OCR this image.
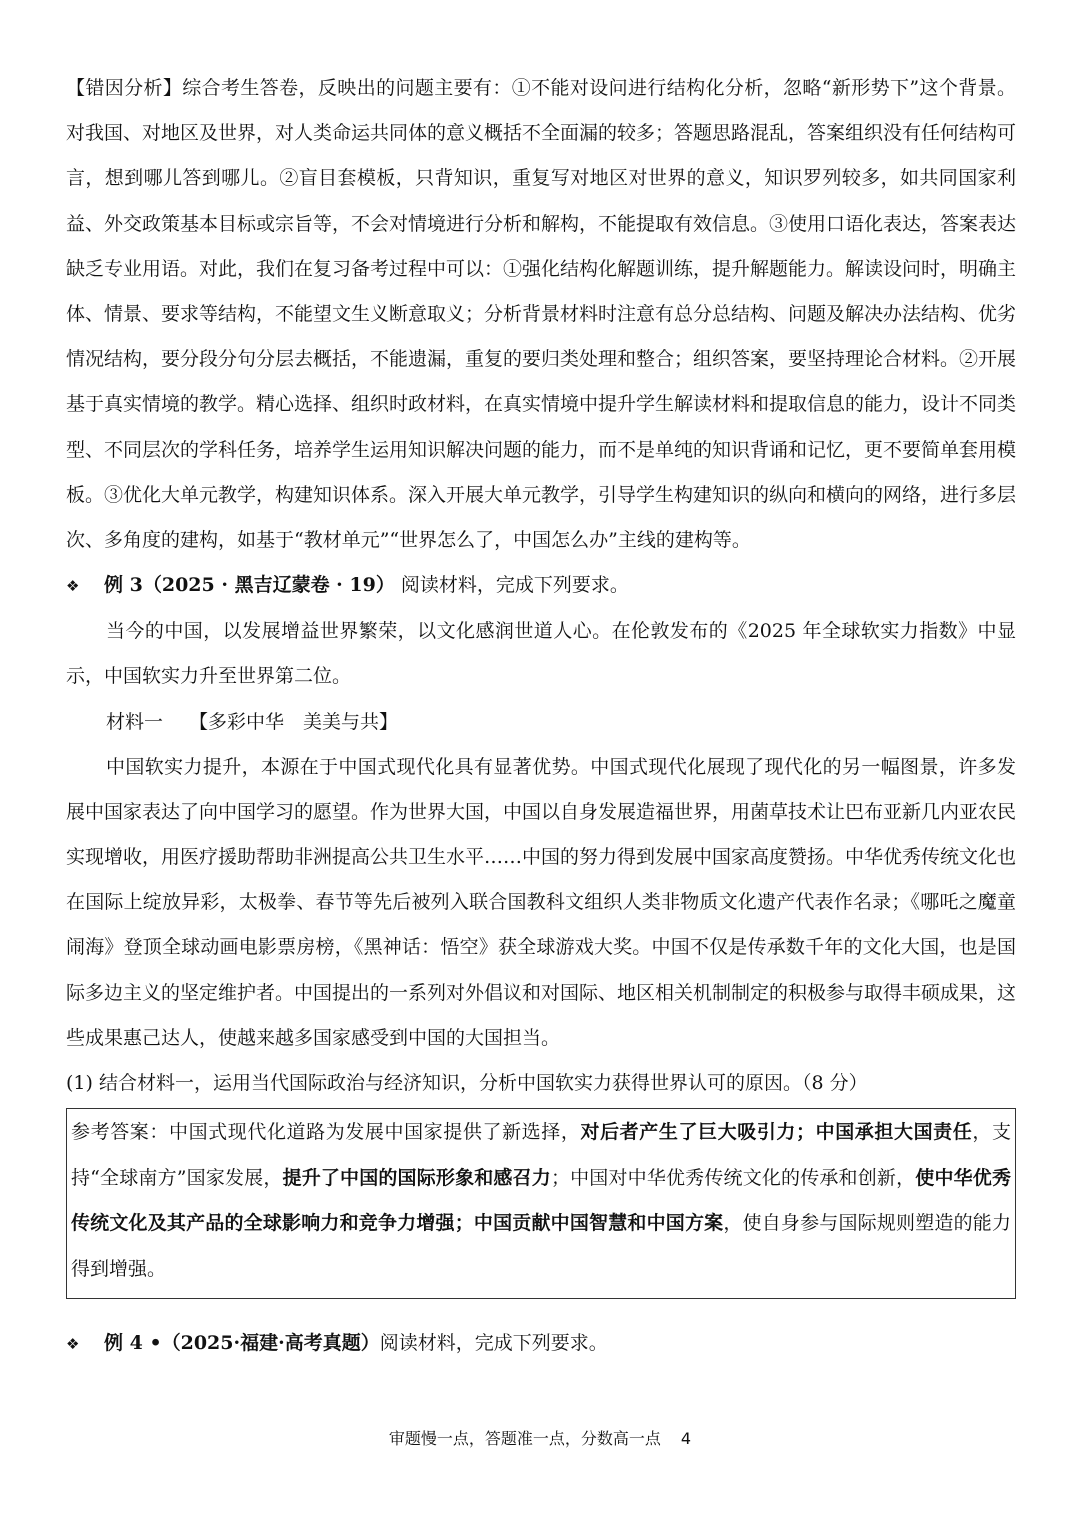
【错因分析】综合考生答卷，反映出的问题主要有：①不能对设问进行结构化分析，忽略“新形势下”这个背景。对我国、对地区及世界，对人类命运共同体的意义概括不全面漏的较多；答题思路混乱，答案组织没有任何结构可言，想到哪儿答到哪儿。②盲目套模板，只背知识，重复写对地区对世界的意义，知识罗列较多，如共同国家利益、外交政策基本目标或宗旨等，不会对情境进行分析和解构，不能提取有效信息。③使用口语化表达，答案表达缺乏专业用语。对此，我们在复习备考过程中可以：①强化结构化解题训练，提升解题能力。解读设问时，明确主体、情景、要求等结构，不能望文生义断意取义；分析背景材料时注意有总分总结构、问题及解决办法结构、优劣情况结构，要分段分句分层去概括，不能遗漏，重复的要归类处理和整合；组织答案，要坚持理论合材料。②开展基于真实情境的教学。精心选择、组织时政材料，在真实情境中提升学生解读材料和提取信息的能力，设计不同类型、不同层次的学科任务，培养学生运用知识解决问题的能力，而不是单纯的知识背诵和记忆，更不要简单套用模板。③优化大单元教学，构建知识体系。深入开展大单元教学，引导学生构建知识的纵向和横向的网络，进行多层次、多角度的建构，如基于“教材单元”“世界怎么了，中国怎么办”主线的建构等。

❖ 例 3（2025 · 黑吉辽蒙卷 · 19） 阅读材料，完成下列要求。

当今的中国，以发展增益世界繁荣，以文化感润世道人心。在伦敦发布的《2025 年全球软实力指数》中显示，中国软实力升至世界第二位。

材料一 【多彩中华　美美与共】

中国软实力提升，本源在于中国式现代化具有显著优势。中国式现代化展现了现代化的另一幅图景，许多发展中国家表达了向中国学习的愿望。作为世界大国，中国以自身发展造福世界，用菌草技术让巴布亚新几内亚农民实现增收，用医疗援助帮助非洲提高公共卫生水平……中国的努力得到发展中国家高度赞扬。中华优秀传统文化也在国际上绽放异彩，太极拳、春节等先后被列入联合国教科文组织人类非物质文化遗产代表作名录；《哪吒之魔童闹海》登顶全球动画电影票房榜，《黑神话：悟空》获全球游戏大奖。中国不仅是传承数千年的文化大国，也是国际多边主义的坚定维护者。中国提出的一系列对外倡议和对国际、地区相关机制制定的积极参与取得丰硕成果，这些成果惠己达人，使越来越多国家感受到中国的大国担当。

(1) 结合材料一，运用当代国际政治与经济知识，分析中国软实力获得世界认可的原因。（8 分）

参考答案：中国式现代化道路为发展中国家提供了新选择，对后者产生了巨大吸引力；中国承担大国责任，支持“全球南方”国家发展，提升了中国的国际形象和感召力；中国对中华优秀传统文化的传承和创新，使中华优秀传统文化及其产品的全球影响力和竞争力增强；中国贡献中国智慧和中国方案，使自身参与国际规则塑造的能力得到增强。

❖ 例 4 •（2025·福建·高考真题）阅读材料，完成下列要求。

审题慢一点，答题准一点，分数高一点 4
